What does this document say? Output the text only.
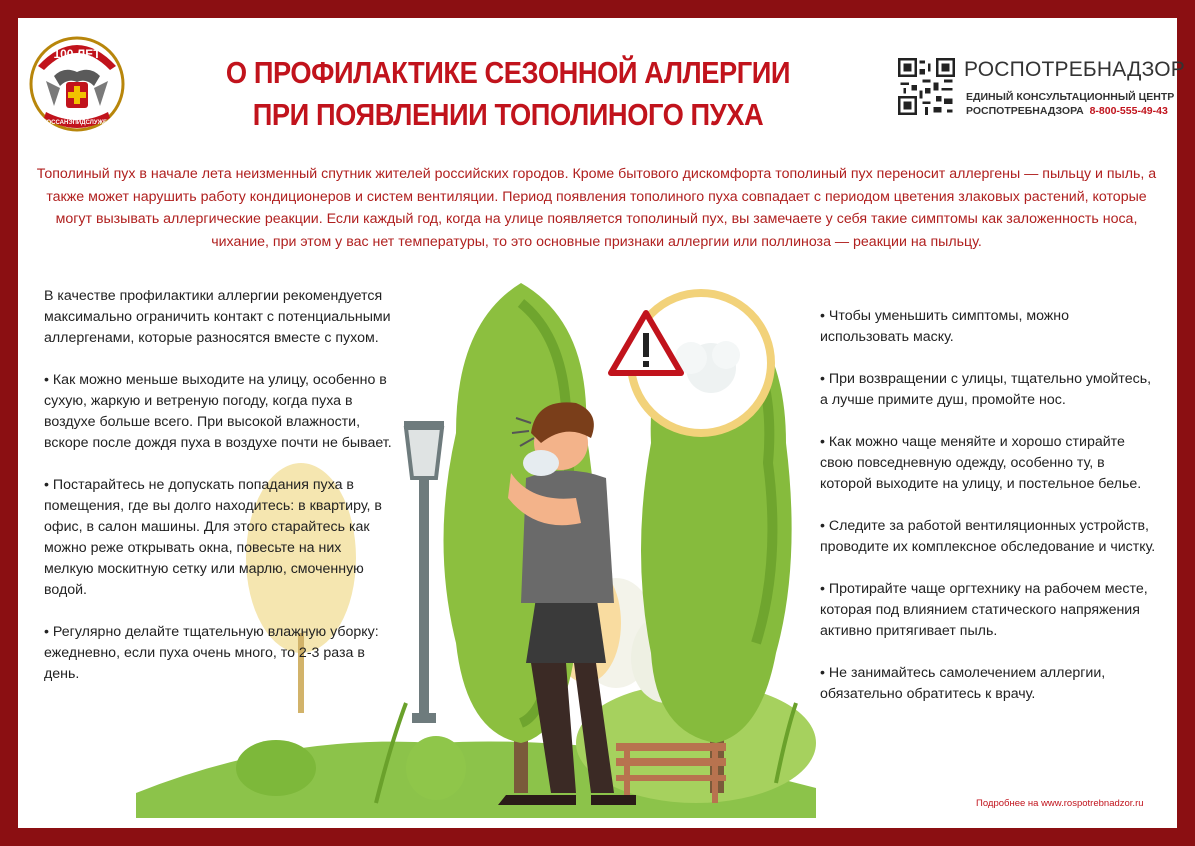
100 ЛЕТ
РОССАНЭПИДСЛУЖБА
О ПРОФИЛАКТИКЕ СЕЗОННОЙ АЛЛЕРГИИ
ПРИ ПОЯВЛЕНИИ ТОПОЛИНОГО ПУХА
РОСПОТРЕБНАДЗОР
ЕДИНЫЙ КОНСУЛЬТАЦИОННЫЙ ЦЕНТР
РОСПОТРЕБНАДЗОРА 8-800-555-49-43
Тополиный пух в начале лета неизменный спутник жителей российских городов. Кроме бытового дискомфорта тополиный пух переносит аллергены — пыльцу и пыль, а также может нарушить работу кондиционеров и систем вентиляции. Период появления тополиного пуха совпадает с периодом цветения злаковых растений, которые могут вызывать аллергические реакции. Если каждый год, когда на улице появляется тополиный пух, вы замечаете у себя такие симптомы как заложенность носа, чихание, при этом у вас нет температуры, то это основные признаки аллергии или поллиноза — реакции на пыльцу.

В качестве профилактики аллергии рекомендуется максимально ограничить контакт с потенциальными аллергенами, которые разносятся вместе с пухом.

• Как можно меньше выходите на улицу, особенно в сухую, жаркую и ветреную погоду, когда пуха в воздухе больше всего. При высокой влажности, вскоре после дождя пуха в воздухе почти не бывает.

• Постарайтесь не допускать попадания пуха в помещения, где вы долго находитесь: в квартиру, в офис, в салон машины. Для этого старайтесь как можно реже открывать окна, повесьте на них мелкую москитную сетку или марлю, смоченную водой.

• Регулярно делайте тщательную влажную уборку: ежедневно, если пуха очень много, то 2-3 раза в день.

• Чтобы уменьшить симптомы, можно использовать маску.

• При возвращении с улицы, тщательно умойтесь, а лучше примите душ, промойте нос.

• Как можно чаще меняйте и хорошо стирайте свою повседневную одежду, особенно ту, в которой выходите на улицу, и постельное белье.

• Следите за работой вентиляционных устройств, проводите их комплексное обследование и чистку.

• Протирайте чаще оргтехнику на рабочем месте, которая под влиянием статического напряжения активно притягивает пыль.

• Не занимайтесь самолечением аллергии, обязательно обратитесь к врачу.

Подробнее на www.rospotrebnadzor.ru
